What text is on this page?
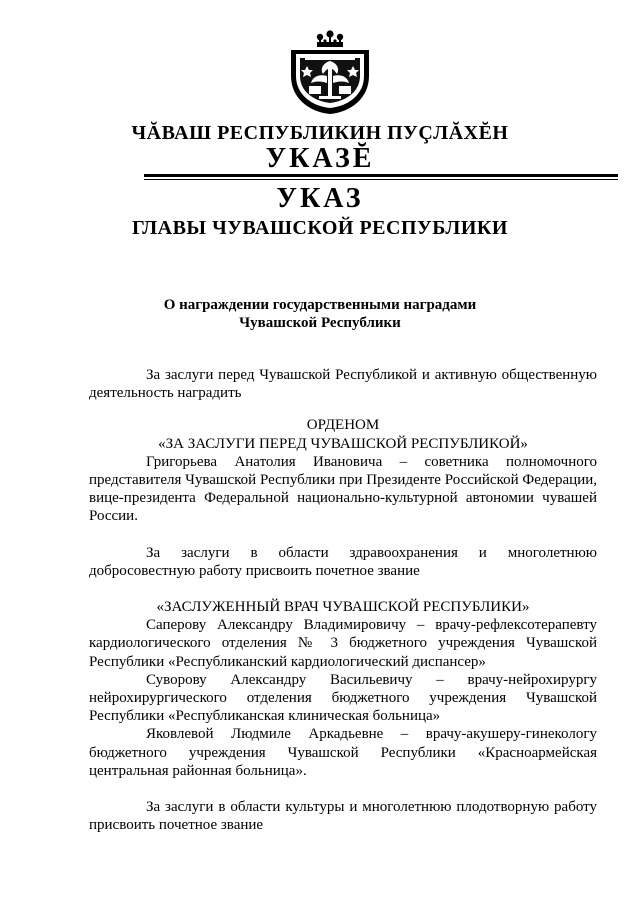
ЧĂВАШ РЕСПУБЛИКИН ПУÇЛĂХĔН
УКАЗĔ
УКАЗ
ГЛАВЫ ЧУВАШСКОЙ РЕСПУБЛИКИ
О награждении государственными наградами
Чувашской Республики

За заслуги перед Чувашской Республикой и активную общественную деятельность наградить

ОРДЕНОМ

«ЗА ЗАСЛУГИ ПЕРЕД ЧУВАШСКОЙ РЕСПУБЛИКОЙ»

Григорьева Анатолия Ивановича – советника полномочного представителя Чувашской Республики при Президенте Российской Федерации, вице-президента Федеральной национально-культурной автономии чувашей России.

За заслуги в области здравоохранения и многолетнюю добросовестную работу присвоить почетное звание

«ЗАСЛУЖЕННЫЙ ВРАЧ ЧУВАШСКОЙ РЕСПУБЛИКИ»

Саперову Александру Владимировичу – врачу-рефлексотерапевту кардиологического отделения № 3 бюджетного учреждения Чувашской Республики «Республиканский кардиологический диспансер»

Суворову Александру Васильевичу – врачу-нейрохирургу нейрохирургического отделения бюджетного учреждения Чувашской Республики «Республиканская клиническая больница»

Яковлевой Людмиле Аркадьевне – врачу-акушеру-гинекологу бюджетного учреждения Чувашской Республики «Красноармейская центральная районная больница».

За заслуги в области культуры и многолетнюю плодотворную работу присвоить почетное звание
